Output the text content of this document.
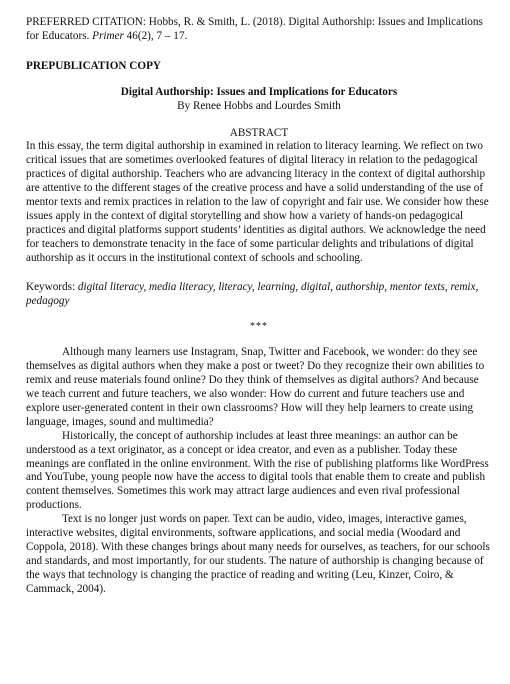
PREFERRED CITATION: Hobbs, R. & Smith, L. (2018). Digital Authorship: Issues and Implications for Educators. Primer 46(2), 7 – 17.

PREPUBLICATION COPY

Digital Authorship: Issues and Implications for Educators

By Renee Hobbs and Lourdes Smith

ABSTRACT

In this essay, the term digital authorship in examined in relation to literacy learning. We reflect on two critical issues that are sometimes overlooked features of digital literacy in relation to the pedagogical practices of digital authorship. Teachers who are advancing literacy in the context of digital authorship are attentive to the different stages of the creative process and have a solid understanding of the use of mentor texts and remix practices in relation to the law of copyright and fair use. We consider how these issues apply in the context of digital storytelling and show how a variety of hands-on pedagogical practices and digital platforms support students’ identities as digital authors. We acknowledge the need for teachers to demonstrate tenacity in the face of some particular delights and tribulations of digital authorship as it occurs in the institutional context of schools and schooling.

Keywords: digital literacy, media literacy, literacy, learning, digital, authorship, mentor texts, remix, pedagogy

***

Although many learners use Instagram, Snap, Twitter and Facebook, we wonder: do they see themselves as digital authors when they make a post or tweet? Do they recognize their own abilities to remix and reuse materials found online? Do they think of themselves as digital authors? And because we teach current and future teachers, we also wonder: How do current and future teachers use and explore user-generated content in their own classrooms? How will they help learners to create using language, images, sound and multimedia?

Historically, the concept of authorship includes at least three meanings: an author can be understood as a text originator, as a concept or idea creator, and even as a publisher. Today these meanings are conflated in the online environment. With the rise of publishing platforms like WordPress and YouTube, young people now have the access to digital tools that enable them to create and publish content themselves. Sometimes this work may attract large audiences and even rival professional productions.

Text is no longer just words on paper. Text can be audio, video, images, interactive games, interactive websites, digital environments, software applications, and social media (Woodard and Coppola, 2018). With these changes brings about many needs for ourselves, as teachers, for our schools and standards, and most importantly, for our students. The nature of authorship is changing because of the ways that technology is changing the practice of reading and writing (Leu, Kinzer, Coiro, & Cammack, 2004).
